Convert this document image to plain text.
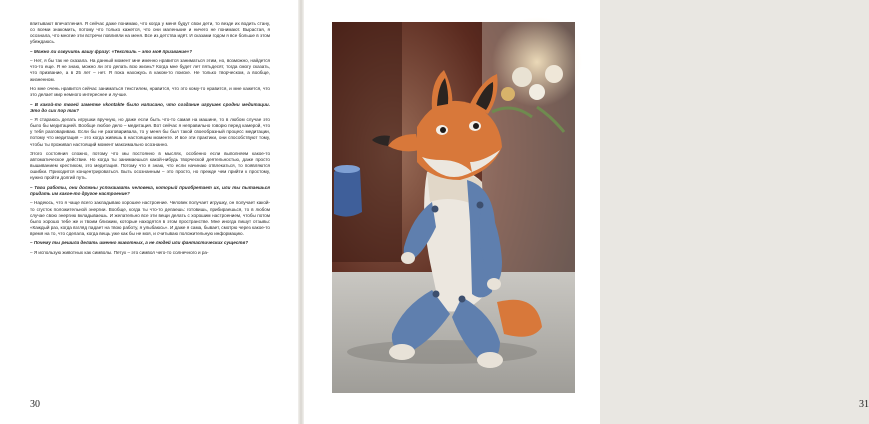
впитывают впечатления. Я сейчас даже понимаю, что когда у меня будут свои дети, то везде их водить стану, со всеми знакомить, потому что только кажется, что они маленькие и ничего не понимают. Вырастая, я осознала, что многие эти встречи повлияли на меня. Все из детства идёт. И сказами годом я все больше в этом убеждаюсь.

– Можно ли озвучить вашу фразу: «Текстиль – это моё призвание»?

– Нет, я бы так не сказала. На данный момент мне именно нравится заниматься этим, но, возможно, найдется что-то еще. Я не знаю, можно ли это делать всю жизнь? Когда мне будет лет пятьдесят, тогда смогу сказать, что призвание, а в 25 лет – нет. Я пока нахожусь в каком-то поиске. Не только творческом, а вообще, жизненном.

Но мне очень нравится сейчас заниматься текстилем, нравится, что это кому-то нравится, и мне кажется, что это делает мир немного интереснее и лучше.

– В какой-то твоей заметке vkontakte было написано, что создание игрушек сродни медитации. Это до сих пор так?

– Я стараюсь делать игрушки вручную, но даже если быть что-то самая на машине, то в любом случае это было бы медитацией. Вообще любое дело – медитация. Вот сейчас я неправильно говорю перед камерой, что у тебя разговариваю. Если бы не разговаривала, то у меня бы был такой своеобразный процесс медитации, потому что медитация – это когда живешь в настоящем моменте. И все эти практики, они способствуют тому, чтобы ты проживал настоящий момент максимально осознанно.

Этого состояния сложно, потому что мы постоянно в мыслях, особенно если выполняем какое-то автоматическое действие. Но когда ты занимаешься какой-нибудь творческой деятельностью, даже просто вышиванием крестиком, это медитация. Потому что я знаю, что если начинаю отвлекаться, то появляются ошибки. Приходится концентрироваться. Быть осознанным – это просто, но прежде чем прийти к простому, нужно пройти долгий путь.

– Твои работы, они должны успокаивать человека, который приобретает их, или ты пытаешься придать им какое-то другое настроение?

– Надеюсь, что я чаще всего закладываю хорошее настроение. Человек получает игрушку, он получает какой-то сгусток положительной энергии. Вообще, когда ты что-то делаешь: готовишь, прибираешься, то в любом случае свою энергию вкладываешь. И желательно все эти вещи делать с хорошим настроением, чтобы потом было хорошо тебе же и твоим близким, которые находятся в этом пространстве. Мне иногда пишут отзывы: «Каждый раз, когда взгляд падает на твою работу, я улыбаюсь». И даже я сама, бывает, смотрю через какое-то время на то, что сделала, когда вещь уже как бы не моя, и считываю положительную информацию.

– Почему ты решила делать именно животных, а не людей или фантастических существ?

– Я использую животных как символы. Петух – это символ чего-то солнечного и ра-

30	31
